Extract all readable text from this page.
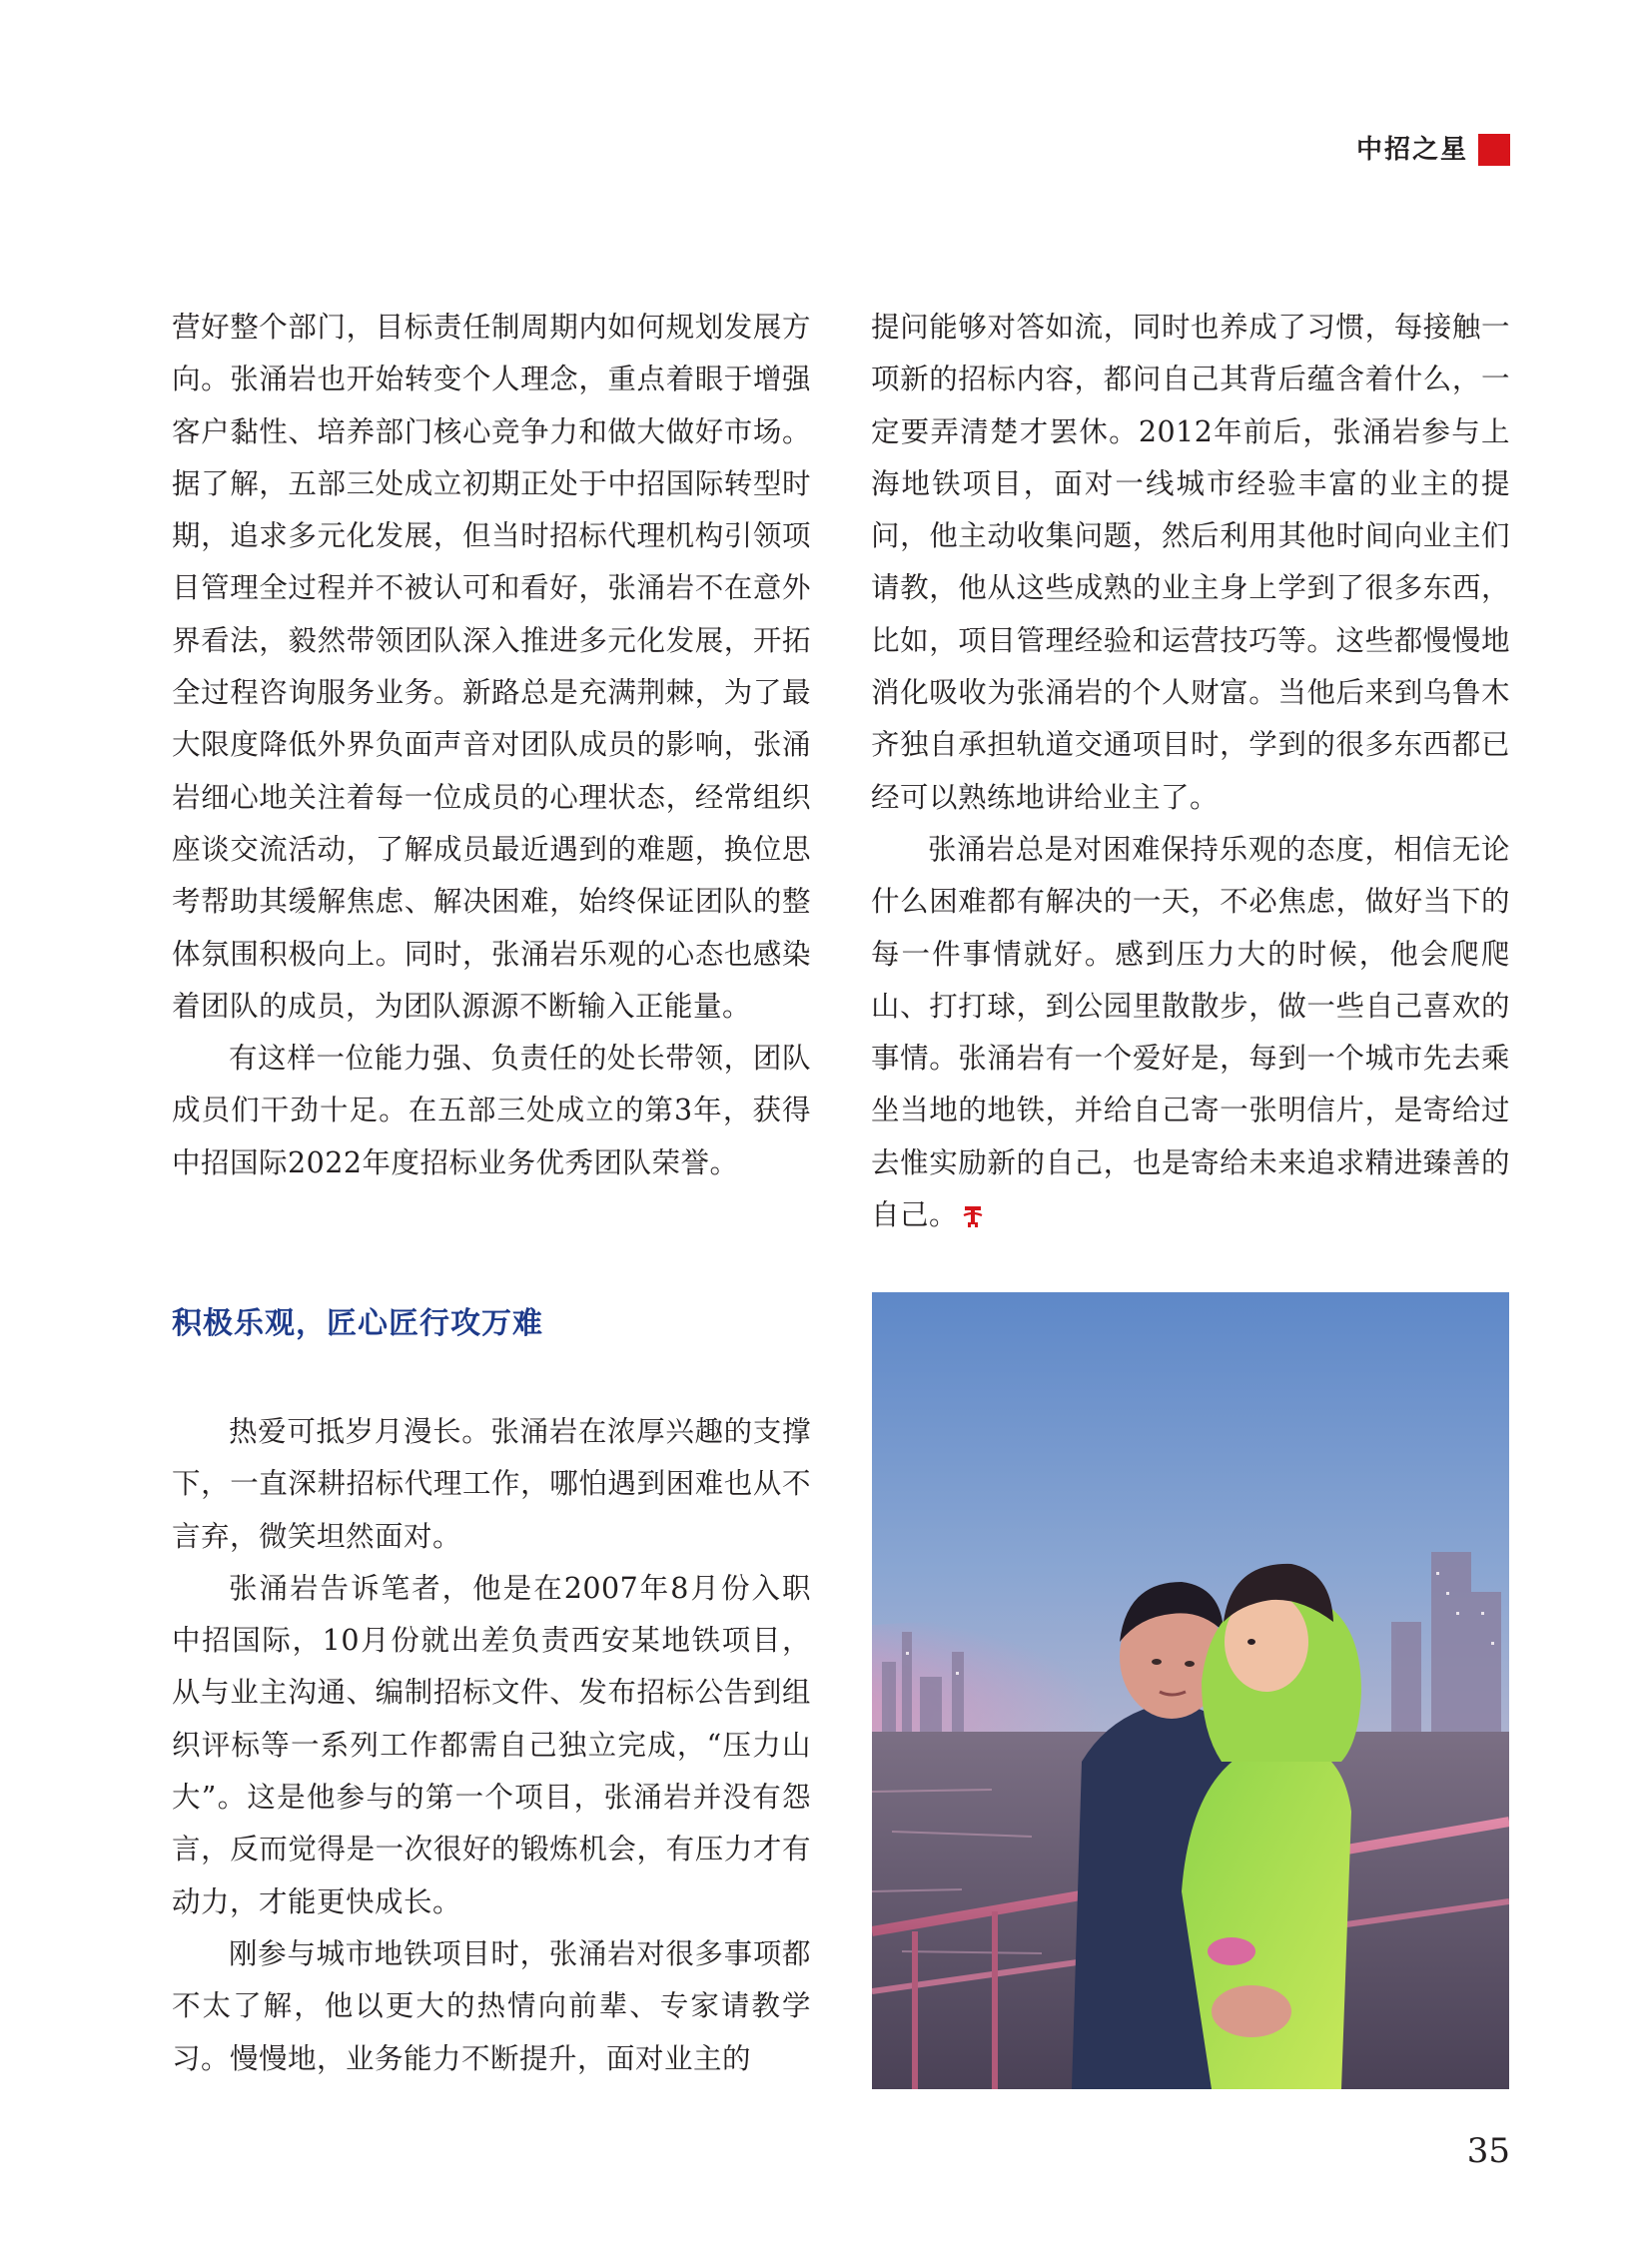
中招之星

营好整个部门，目标责任制周期内如何规划发展方向。张涌岩也开始转变个人理念，重点着眼于增强客户黏性、培养部门核心竞争力和做大做好市场。据了解，五部三处成立初期正处于中招国际转型时期，追求多元化发展，但当时招标代理机构引领项目管理全过程并不被认可和看好，张涌岩不在意外界看法，毅然带领团队深入推进多元化发展，开拓全过程咨询服务业务。新路总是充满荆棘，为了最大限度降低外界负面声音对团队成员的影响，张涌岩细心地关注着每一位成员的心理状态，经常组织座谈交流活动，了解成员最近遇到的难题，换位思考帮助其缓解焦虑、解决困难，始终保证团队的整体氛围积极向上。同时，张涌岩乐观的心态也感染着团队的成员，为团队源源不断输入正能量。

有这样一位能力强、负责任的处长带领，团队成员们干劲十足。在五部三处成立的第3年，获得中招国际2022年度招标业务优秀团队荣誉。

积极乐观，匠心匠行攻万难

热爱可抵岁月漫长。张涌岩在浓厚兴趣的支撑下，一直深耕招标代理工作，哪怕遇到困难也从不言弃，微笑坦然面对。

张涌岩告诉笔者，他是在2007年8月份入职中招国际，10月份就出差负责西安某地铁项目，从与业主沟通、编制招标文件、发布招标公告到组织评标等一系列工作都需自己独立完成，“压力山大”。这是他参与的第一个项目，张涌岩并没有怨言，反而觉得是一次很好的锻炼机会，有压力才有动力，才能更快成长。

刚参与城市地铁项目时，张涌岩对很多事项都不太了解，他以更大的热情向前辈、专家请教学习。慢慢地，业务能力不断提升，面对业主的

提问能够对答如流，同时也养成了习惯，每接触一项新的招标内容，都问自己其背后蕴含着什么，一定要弄清楚才罢休。2012年前后，张涌岩参与上海地铁项目，面对一线城市经验丰富的业主的提问，他主动收集问题，然后利用其他时间向业主们请教，他从这些成熟的业主身上学到了很多东西，比如，项目管理经验和运营技巧等。这些都慢慢地消化吸收为张涌岩的个人财富。当他后来到乌鲁木齐独自承担轨道交通项目时，学到的很多东西都已经可以熟练地讲给业主了。

张涌岩总是对困难保持乐观的态度，相信无论什么困难都有解决的一天，不必焦虑，做好当下的每一件事情就好。感到压力大的时候，他会爬爬山、打打球，到公园里散散步，做一些自己喜欢的事情。张涌岩有一个爱好是，每到一个城市先去乘坐当地的地铁，并给自己寄一张明信片，是寄给过去惟实励新的自己，也是寄给未来追求精进臻善的自己。

35
